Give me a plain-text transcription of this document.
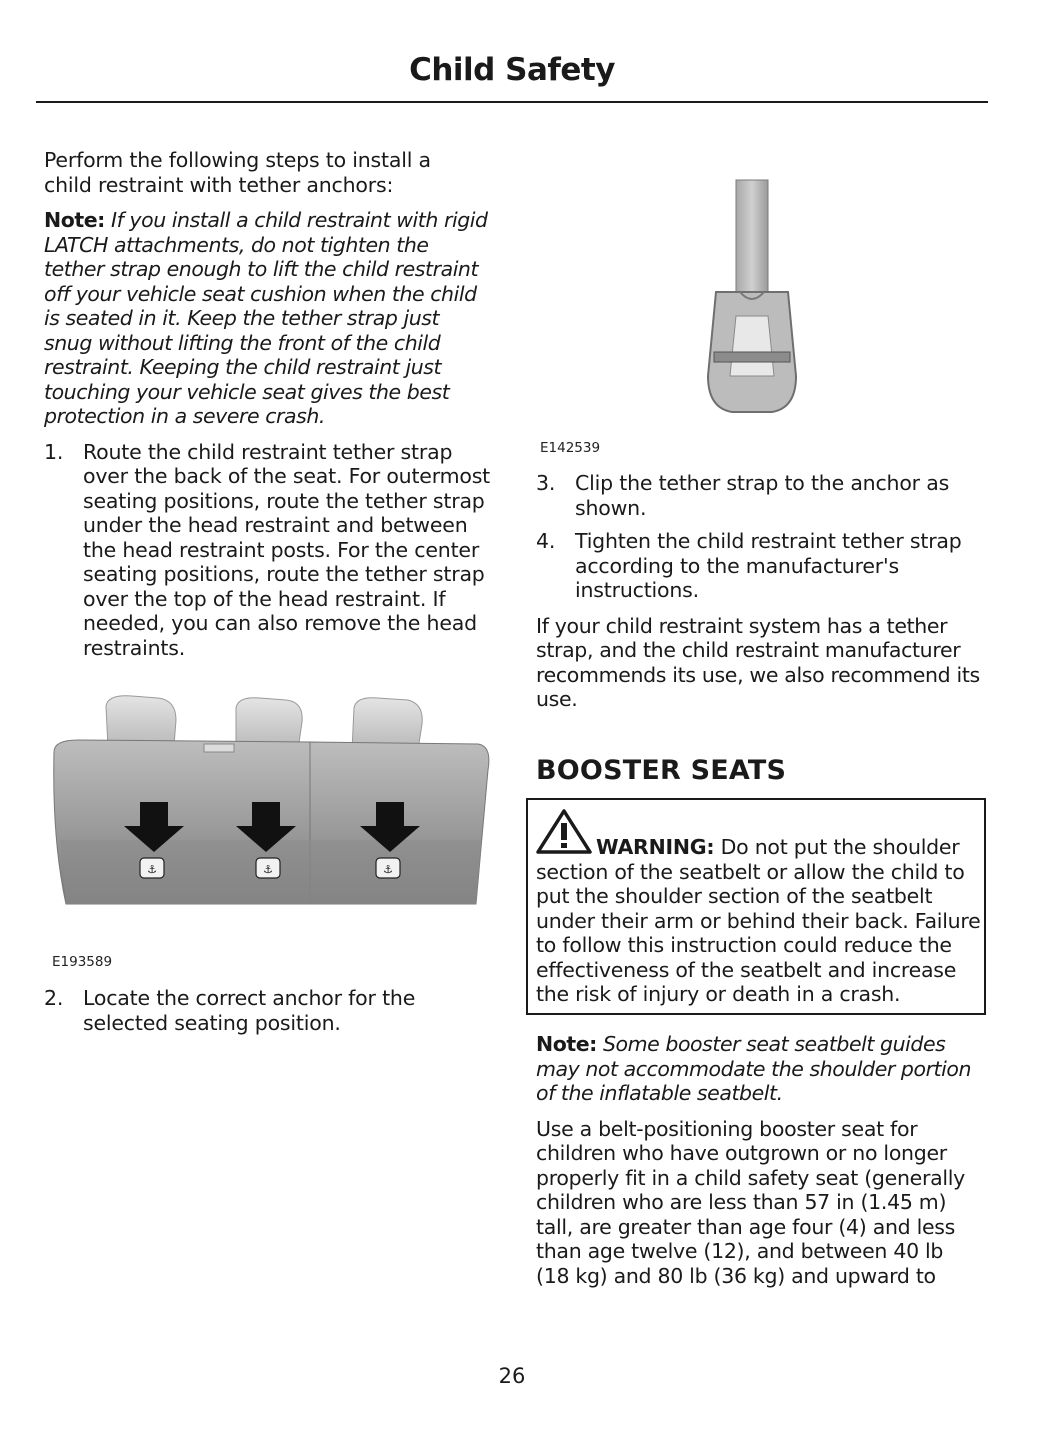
Child Safety

Perform the following steps to install a child restraint with tether anchors:

Note: If you install a child restraint with rigid LATCH attachments, do not tighten the tether strap enough to lift the child restraint off your vehicle seat cushion when the child is seated in it. Keep the tether strap just snug without lifting the front of the child restraint. Keeping the child restraint just touching your vehicle seat gives the best protection in a severe crash.

1. Route the child restraint tether strap over the back of the seat. For outermost seating positions, route the tether strap under the head restraint and between the head restraint posts. For the center seating positions, route the tether strap over the top of the head restraint. If needed, you can also remove the head restraints.
⚓	⚓	⚓
E193589
2. Locate the correct anchor for the selected seating position.
E142539
3. Clip the tether strap to the anchor as shown.
4. Tighten the child restraint tether strap according to the manufacturer's instructions.

If your child restraint system has a tether strap, and the child restraint manufacturer recommends its use, we also recommend its use.

BOOSTER SEATS

WARNING: Do not put the shoulder section of the seatbelt or allow the child to put the shoulder section of the seatbelt under their arm or behind their back. Failure to follow this instruction could reduce the effectiveness of the seatbelt and increase the risk of injury or death in a crash.

Note: Some booster seat seatbelt guides may not accommodate the shoulder portion of the inflatable seatbelt.

Use a belt-positioning booster seat for children who have outgrown or no longer properly fit in a child safety seat (generally children who are less than 57 in (1.45 m) tall, are greater than age four (4) and less than age twelve (12), and between 40 lb (18 kg) and 80 lb (36 kg) and upward to

26
